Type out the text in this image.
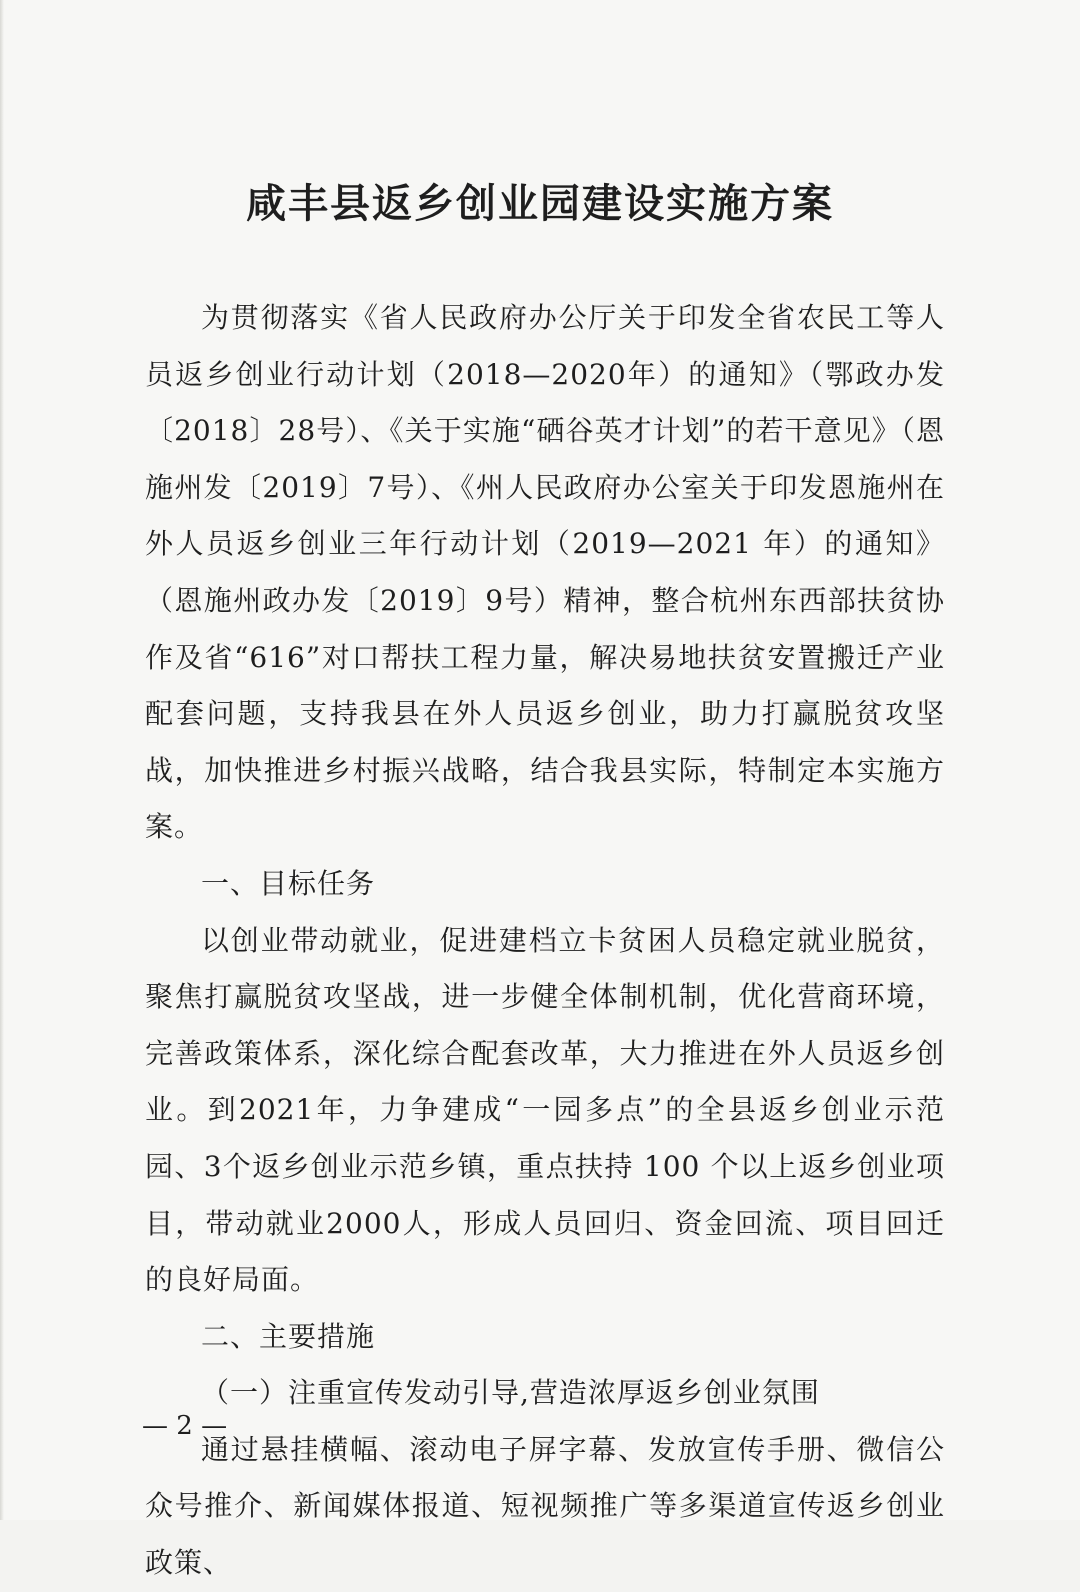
咸丰县返乡创业园建设实施方案

为贯彻落实《省人民政府办公厅关于印发全省农民工等人员返乡创业行动计划（2018—2020年）的通知》（鄂政办发〔2018〕28号）、《关于实施“硒谷英才计划”的若干意见》（恩施州发〔2019〕7号）、《州人民政府办公室关于印发恩施州在外人员返乡创业三年行动计划（2019—2021 年）的通知》（恩施州政办发〔2019〕9号）精神，整合杭州东西部扶贫协作及省“616”对口帮扶工程力量，解决易地扶贫安置搬迁产业配套问题，支持我县在外人员返乡创业，助力打赢脱贫攻坚战，加快推进乡村振兴战略，结合我县实际，特制定本实施方案。

一、目标任务

以创业带动就业，促进建档立卡贫困人员稳定就业脱贫，聚焦打赢脱贫攻坚战，进一步健全体制机制，优化营商环境，完善政策体系，深化综合配套改革，大力推进在外人员返乡创业。到2021年，力争建成“一园多点”的全县返乡创业示范园、3个返乡创业示范乡镇，重点扶持 100 个以上返乡创业项目，带动就业2000人，形成人员回归、资金回流、项目回迁的良好局面。

二、主要措施

（一）注重宣传发动引导,营造浓厚返乡创业氛围

通过悬挂横幅、滚动电子屏字幕、发放宣传手册、微信公众号推介、新闻媒体报道、短视频推广等多渠道宣传返乡创业政策、

— 2 —
